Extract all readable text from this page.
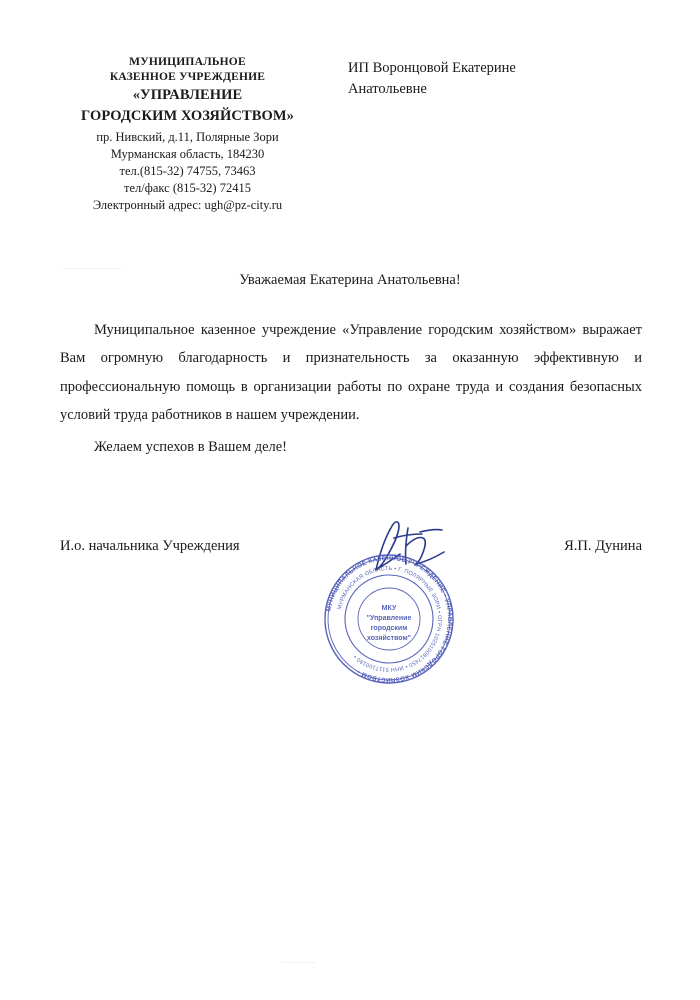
МУНИЦИПАЛЬНОЕ
КАЗЕННОЕ УЧРЕЖДЕНИЕ
«УПРАВЛЕНИЕ
ГОРОДСКИМ ХОЗЯЙСТВОМ»
пр. Нивский, д.11, Полярные Зори
Мурманская область, 184230
тел.(815-32) 74755, 73463
тел/факс (815-32) 72415
Электронный адрес: ugh@pz-city.ru
ИП Воронцовой Екатерине
Анатольевне
Уважаемая Екатерина Анатольевна!

Муниципальное казенное учреждение «Управление городским хозяйством» выражает Вам огромную благодарность и признательность за оказанную эффективную и профессиональную помощь в организации работы по охране труда и создания безопасных условий труда работников в нашем учреждении.

Желаем успехов в Вашем деле!

И.о. начальника Учреждения	Я.П. Дунина
МУНИЦИПАЛЬНОЕ КАЗЕННОЕ УЧРЕЖДЕНИЕ • УПРАВЛЕНИЕ ГОРОДСКИМ ХОЗЯЙСТВОМ •
МУРМАНСКАЯ ОБЛАСТЬ • Г. ПОЛЯРНЫЕ ЗОРИ • ОГРН 1025100817450 • ИНН 5117100180 •
МКУ
"Управление
городским
хозяйством"
